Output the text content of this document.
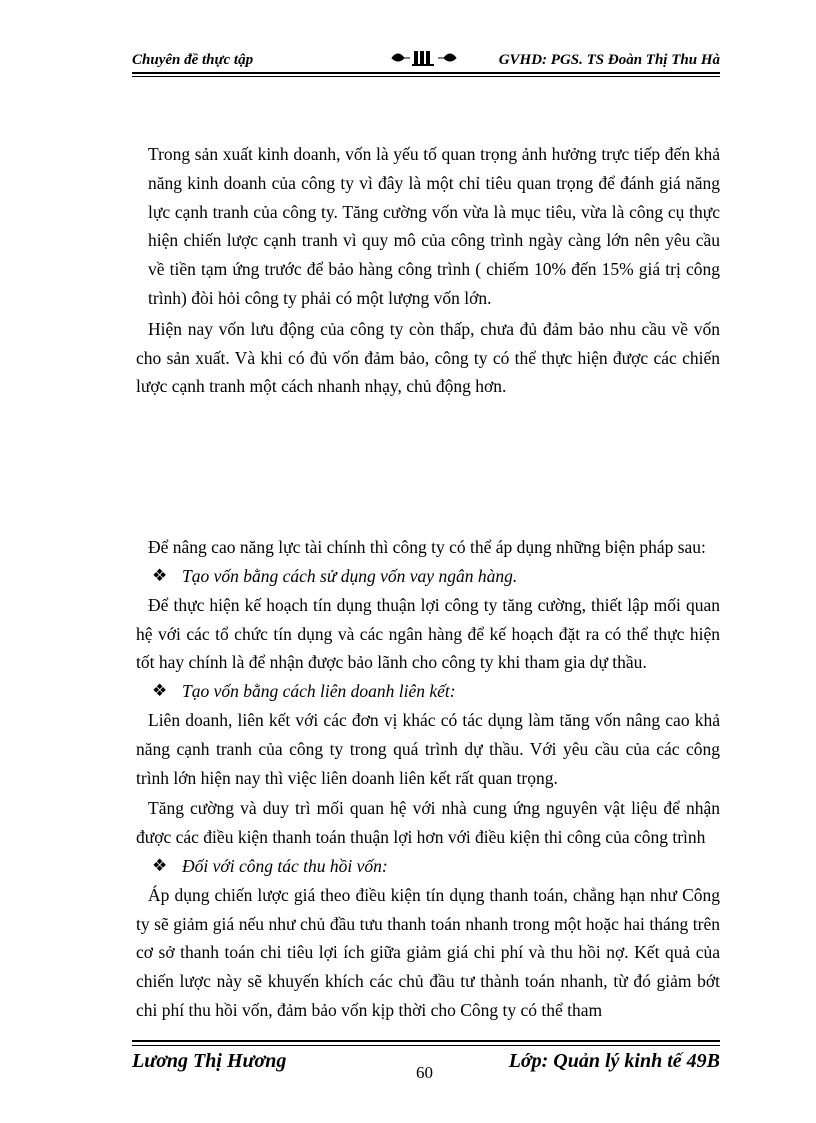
Chuyên đề thực tập	GVHD: PGS. TS Đoàn Thị Thu Hà

Trong sản xuất kinh doanh, vốn là yếu tố quan trọng ảnh hưởng trực tiếp đến khả năng kinh doanh của công ty vì đây là một chỉ tiêu quan trọng để đánh giá năng lực cạnh tranh của công ty. Tăng cường vốn vừa là mục tiêu, vừa là công cụ thực hiện chiến lược cạnh tranh vì quy mô của công trình ngày càng lớn nên yêu cầu về tiền tạm ứng trước để bảo hàng công trình ( chiếm 10% đến 15% giá trị công trình) đòi hỏi công ty phải có một lượng vốn lớn.

Hiện nay vốn lưu động của công ty còn thấp, chưa đủ đảm bảo nhu cầu về vốn cho sản xuất. Và khi có đủ vốn đảm bảo, công ty có thể thực hiện được các chiến lược cạnh tranh một cách nhanh nhạy, chủ động hơn.

Để nâng cao năng lực tài chính thì công ty có thể áp dụng những biện pháp sau:

❖ Tạo vốn bằng cách sử dụng vốn vay ngân hàng.

Để thực hiện kế hoạch tín dụng thuận lợi công ty tăng cường, thiết lập mối quan hệ với các tổ chức tín dụng và các ngân hàng để kế hoạch đặt ra có thể thực hiện tốt hay chính là để nhận được bảo lãnh cho công ty khi tham gia dự thầu.

❖ Tạo vốn bằng cách liên doanh liên kết:

Liên doanh, liên kết với các đơn vị khác có tác dụng làm tăng vốn nâng cao khả năng cạnh tranh của công ty trong quá trình dự thầu. Với yêu cầu của các công trình lớn hiện nay thì việc liên doanh liên kết rất quan trọng.

Tăng cường và duy trì mối quan hệ với nhà cung ứng nguyên vật liệu để nhận được các điều kiện thanh toán thuận lợi hơn với điều kiện thi công của công trình

❖ Đối với công tác thu hồi vốn:

Áp dụng chiến lược giá theo điều kiện tín dụng thanh toán, chẳng hạn như Công ty sẽ giảm giá nếu như chủ đầu tưu thanh toán nhanh trong một hoặc hai tháng trên cơ sở thanh toán chi tiêu lợi ích giữa giảm giá chi phí và thu hồi nợ. Kết quả của chiến lược này sẽ khuyến khích các chủ đầu tư thành toán nhanh, từ đó giảm bớt chi phí thu hồi vốn, đảm bảo vốn kịp thời cho Công ty có thể tham

Lương Thị Hương
60
Lớp: Quản lý kinh tế 49B
